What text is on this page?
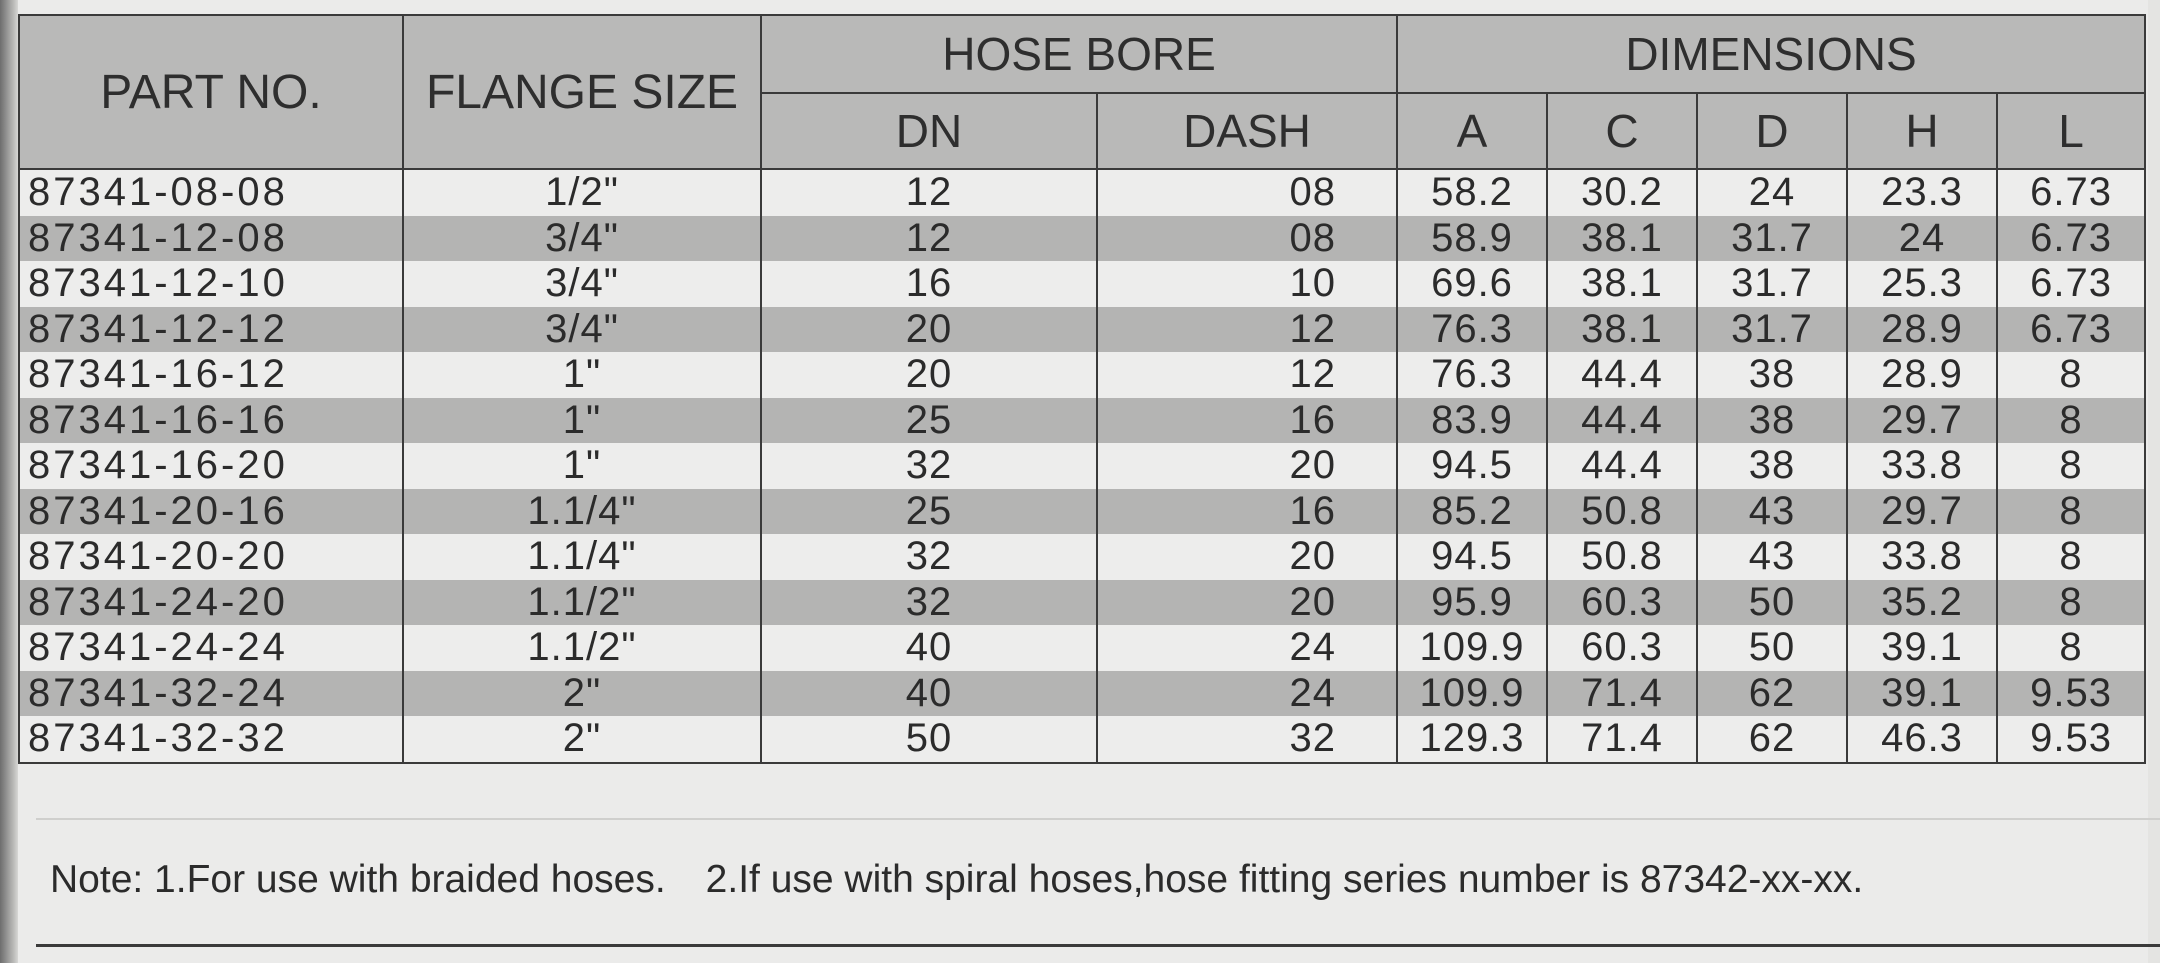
PART NO.	FLANGE SIZE	HOSE BORE		DIMENSIONS				
		DN	DASH	A	C	D	H	L
87341-08-08	1/2"	12	08	58.2	30.2	24	23.3	6.73
87341-12-08	3/4"	12	08	58.9	38.1	31.7	24	6.73
87341-12-10	3/4"	16	10	69.6	38.1	31.7	25.3	6.73
87341-12-12	3/4"	20	12	76.3	38.1	31.7	28.9	6.73
87341-16-12	1"	20	12	76.3	44.4	38	28.9	8
87341-16-16	1"	25	16	83.9	44.4	38	29.7	8
87341-16-20	1"	32	20	94.5	44.4	38	33.8	8
87341-20-16	1.1/4"	25	16	85.2	50.8	43	29.7	8
87341-20-20	1.1/4"	32	20	94.5	50.8	43	33.8	8
87341-24-20	1.1/2"	32	20	95.9	60.3	50	35.2	8
87341-24-24	1.1/2"	40	24	109.9	60.3	50	39.1	8
87341-32-24	2"	40	24	109.9	71.4	62	39.1	9.53
87341-32-32	2"	50	32	129.3	71.4	62	46.3	9.53
Note: 1.For use with braided hoses. 2.If use with spiral hoses,hose fitting series number is 87342-xx-xx.
